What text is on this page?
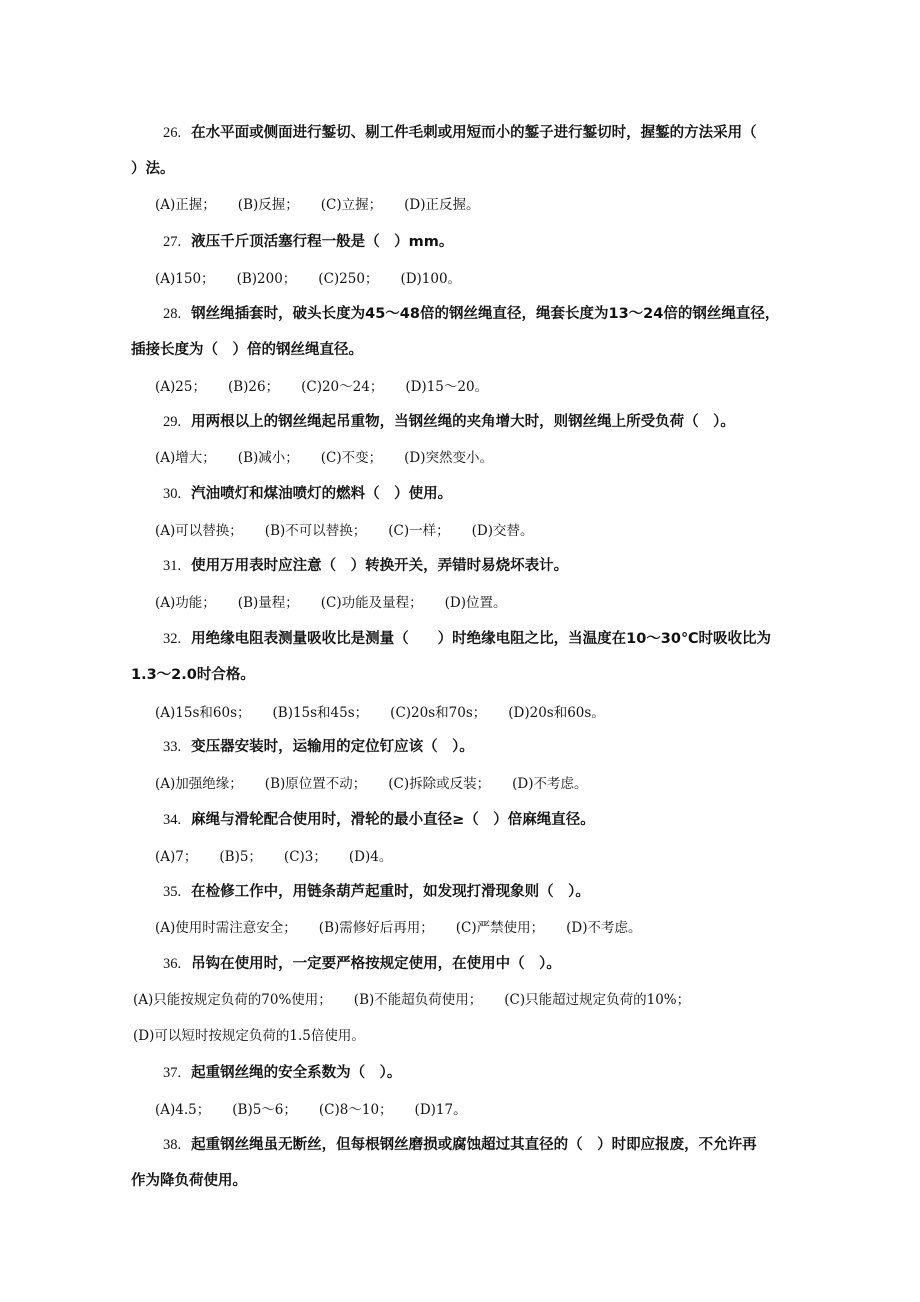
26. 在水平面或侧面进行錾切、剔工件毛刺或用短而小的錾子进行錾切时，握錾的方法采用（
）法。
(A)正握； (B)反握； (C)立握； (D)正反握。
27. 液压千斤顶活塞行程一般是（　）mm。
(A)150； (B)200； (C)250； (D)100。
28. 钢丝绳插套时，破头长度为45～48倍的钢丝绳直径，绳套长度为13～24倍的钢丝绳直径，
插接长度为（　）倍的钢丝绳直径。
(A)25； (B)26； (C)20～24； (D)15～20。
29. 用两根以上的钢丝绳起吊重物，当钢丝绳的夹角增大时，则钢丝绳上所受负荷（　）。
(A)增大； (B)减小； (C)不变； (D)突然变小。
30. 汽油喷灯和煤油喷灯的燃料（　）使用。
(A)可以替换； (B)不可以替换； (C)一样； (D)交替。
31. 使用万用表时应注意（　）转换开关，弄错时易烧坏表计。
(A)功能； (B)量程； (C)功能及量程； (D)位置。
32. 用绝缘电阻表测量吸收比是测量（　　）时绝缘电阻之比，当温度在10～30℃时吸收比为
1.3～2.0时合格。
(A)15s和60s； (B)15s和45s； (C)20s和70s； (D)20s和60s。
33. 变压器安装时，运输用的定位钉应该（　）。
(A)加强绝缘； (B)原位置不动； (C)拆除或反装； (D)不考虑。
34. 麻绳与滑轮配合使用时，滑轮的最小直径≥（　）倍麻绳直径。
(A)7； (B)5； (C)3； (D)4。
35. 在检修工作中，用链条葫芦起重时，如发现打滑现象则（　）。
(A)使用时需注意安全； (B)需修好后再用； (C)严禁使用； (D)不考虑。
36. 吊钩在使用时，一定要严格按规定使用，在使用中（　）。
(A)只能按规定负荷的70%使用； (B)不能超负荷使用； (C)只能超过规定负荷的10%；
(D)可以短时按规定负荷的1.5倍使用。
37. 起重钢丝绳的安全系数为（　）。
(A)4.5； (B)5～6； (C)8～10； (D)17。
38. 起重钢丝绳虽无断丝，但每根钢丝磨损或腐蚀超过其直径的（　）时即应报废，不允许再
作为降负荷使用。
